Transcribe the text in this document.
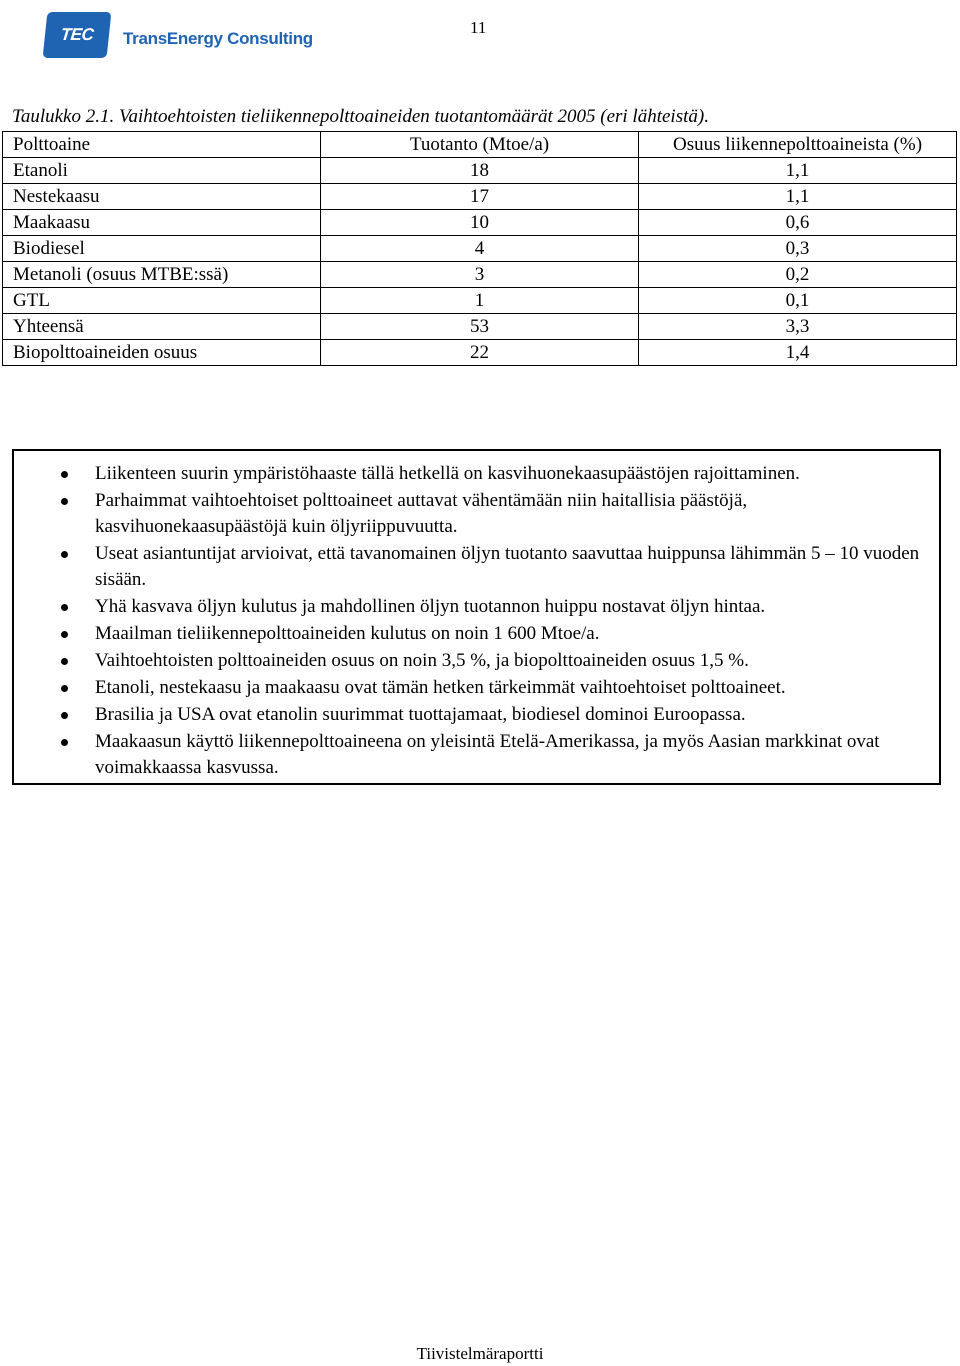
TEC TransEnergy Consulting
11
Taulukko 2.1. Vaihtoehtoisten tieliikennepolttoaineiden tuotantomäärät 2005 (eri lähteistä).
Polttoaine	Tuotanto (Mtoe/a)	Osuus liikennepolttoaineista (%)
Etanoli	18	1,1
Nestekaasu	17	1,1
Maakaasu	10	0,6
Biodiesel	4	0,3
Metanoli (osuus MTBE:ssä)	3	0,2
GTL	1	0,1
Yhteensä	53	3,3
Biopolttoaineiden osuus	22	1,4
Liikenteen suurin ympäristöhaaste tällä hetkellä on kasvihuonekaasupäästöjen rajoittaminen.
Parhaimmat vaihtoehtoiset polttoaineet auttavat vähentämään niin haitallisia päästöjä, kasvihuonekaasupäästöjä kuin öljyriippuvuutta.
Useat asiantuntijat arvioivat, että tavanomainen öljyn tuotanto saavuttaa huippunsa lähimmän 5 – 10 vuoden sisään.
Yhä kasvava öljyn kulutus ja mahdollinen öljyn tuotannon huippu nostavat öljyn hintaa.
Maailman tieliikennepolttoaineiden kulutus on noin 1 600 Mtoe/a.
Vaihtoehtoisten polttoaineiden osuus on noin 3,5 %, ja biopolttoaineiden osuus 1,5 %.
Etanoli, nestekaasu ja maakaasu ovat tämän hetken tärkeimmät vaihtoehtoiset polttoaineet.
Brasilia ja USA ovat etanolin suurimmat tuottajamaat, biodiesel dominoi Euroopassa.
Maakaasun käyttö liikennepolttoaineena on yleisintä Etelä-Amerikassa, ja myös Aasian markkinat ovat voimakkaassa kasvussa.
Tiivistelmäraportti
